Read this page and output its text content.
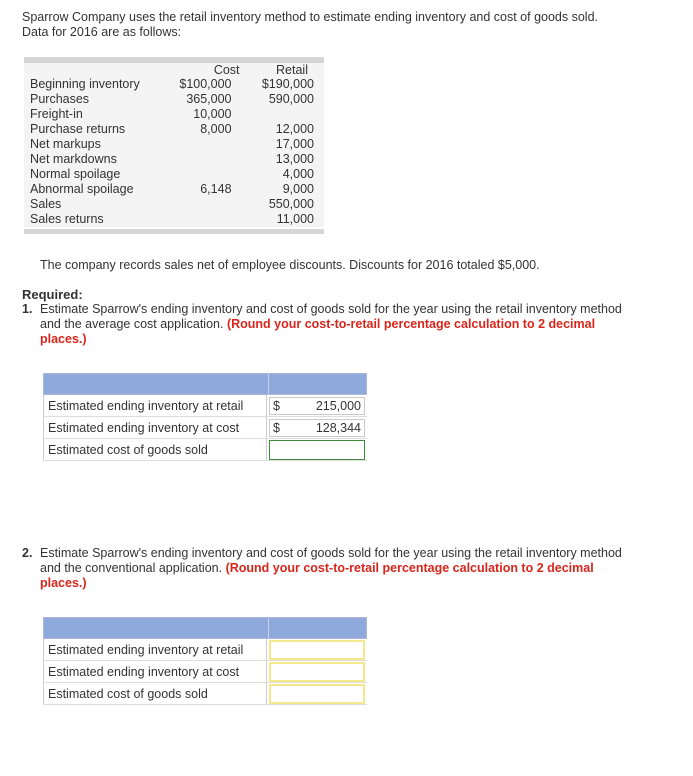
Sparrow Company uses the retail inventory method to estimate ending inventory and cost of goods sold.
Data for 2016 are as follows:
	Cost	Retail
Beginning inventory	$100,000	$190,000
Purchases	365,000	590,000
Freight-in	10,000	
Purchase returns	8,000	12,000
Net markups		17,000
Net markdowns		13,000
Normal spoilage		4,000
Abnormal spoilage	6,148	9,000
Sales		550,000
Sales returns		11,000
The company records sales net of employee discounts. Discounts for 2016 totaled $5,000.
Required:
1. Estimate Sparrow's ending inventory and cost of goods sold for the year using the retail inventory method and the average cost application. (Round your cost-to-retail percentage calculation to 2 decimal places.)
Estimated ending inventory at retail	$	215,000
Estimated ending inventory at cost	$	128,344
Estimated cost of goods sold
2. Estimate Sparrow's ending inventory and cost of goods sold for the year using the retail inventory method and the conventional application. (Round your cost-to-retail percentage calculation to 2 decimal places.)
Estimated ending inventory at retail
Estimated ending inventory at cost
Estimated cost of goods sold
